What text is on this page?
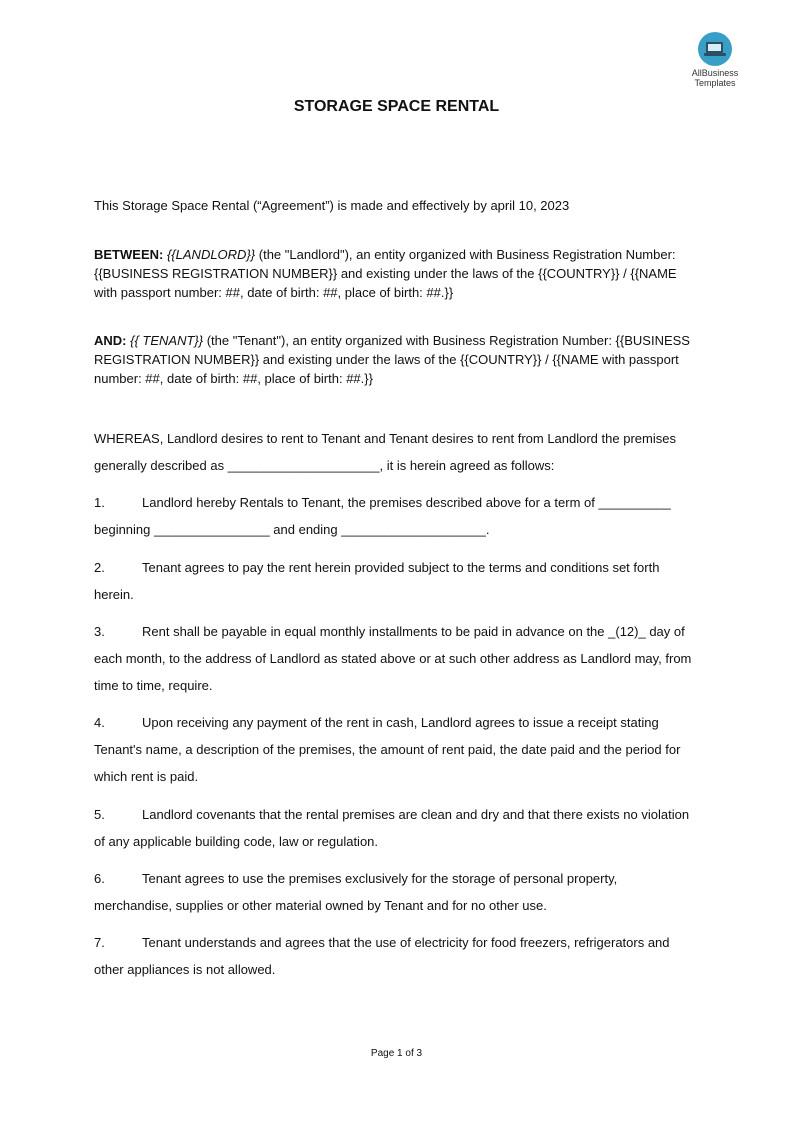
AllBusiness
Templates
STORAGE SPACE RENTAL
This Storage Space Rental (“Agreement”) is made and effectively by april 10, 2023
BETWEEN: {{LANDLORD}} (the "Landlord"), an entity organized with Business Registration Number: {{BUSINESS REGISTRATION NUMBER}} and existing under the laws of the {{COUNTRY}} / {{NAME with passport number: ##, date of birth: ##, place of birth: ##.}}
AND: {{ TENANT}} (the "Tenant"), an entity organized with Business Registration Number: {{BUSINESS REGISTRATION NUMBER}} and existing under the laws of the {{COUNTRY}} / {{NAME with passport number: ##, date of birth: ##, place of birth: ##.}}
WHEREAS, Landlord desires to rent to Tenant and Tenant desires to rent from Landlord the premises generally described as _____________________, it is herein agreed as follows:
1.	Landlord hereby Rentals to Tenant, the premises described above for a term of __________ beginning ________________ and ending ____________________.
2.	Tenant agrees to pay the rent herein provided subject to the terms and conditions set forth herein.
3.	Rent shall be payable in equal monthly installments to be paid in advance on the _(12)_ day of each month, to the address of Landlord as stated above or at such other address as Landlord may, from time to time, require.
4.	Upon receiving any payment of the rent in cash, Landlord agrees to issue a receipt stating Tenant's name, a description of the premises, the amount of rent paid, the date paid and the period for which rent is paid.
5.	Landlord covenants that the rental premises are clean and dry and that there exists no violation of any applicable building code, law or regulation.
6.	Tenant agrees to use the premises exclusively for the storage of personal property, merchandise, supplies or other material owned by Tenant and for no other use.
7.	Tenant understands and agrees that the use of electricity for food freezers, refrigerators and other appliances is not allowed.
Page 1 of 3
